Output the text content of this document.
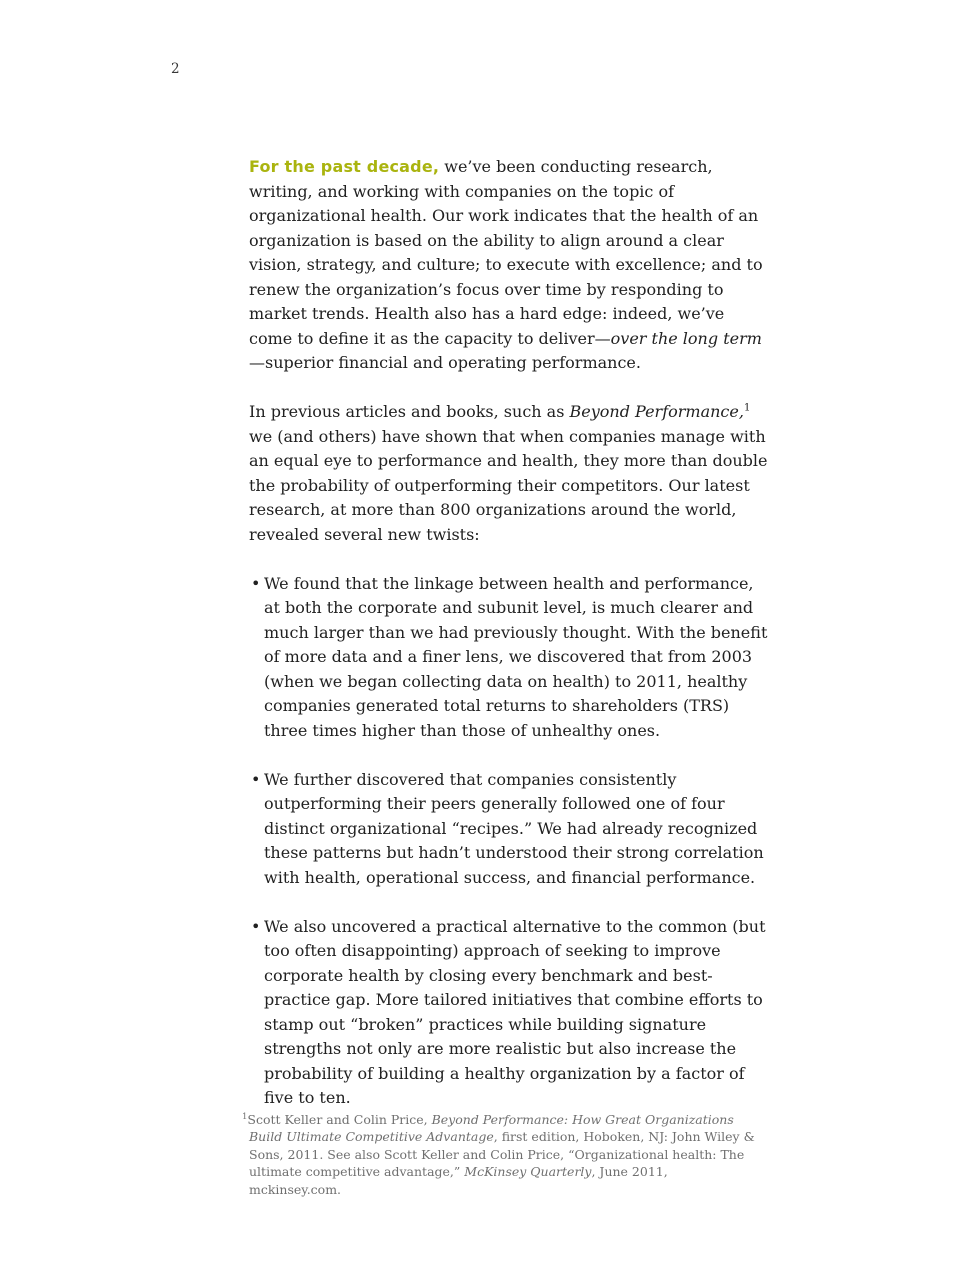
2

For the past decade, we’ve been conducting research, writing, and working with companies on the topic of organizational health. Our work indicates that the health of an organization is based on the ability to align around a clear vision, strategy, and culture; to execute with excellence; and to renew the organization’s focus over time by responding to market trends. Health also has a hard edge: indeed, we’ve come to define it as the capacity to deliver—over the long term—superior financial and operating performance.

In previous articles and books, such as Beyond Performance,$^1$ we (and others) have shown that when companies manage with an equal eye to performance and health, they more than double the probability of outperforming their competitors. Our latest research, at more than 800 organizations around the world, revealed several new twists:

• We found that the linkage between health and performance, at both the corporate and subunit level, is much clearer and much larger than we had previously thought. With the benefit of more data and a finer lens, we discovered that from 2003 (when we began collecting data on health) to 2011, healthy companies generated total returns to shareholders (TRS) three times higher than those of unhealthy ones.
• We further discovered that companies consistently outperforming their peers generally followed one of four distinct organizational “recipes.” We had already recognized these patterns but hadn’t understood their strong correlation with health, operational success, and financial performance.
• We also uncovered a practical alternative to the common (but too often disappointing) approach of seeking to improve corporate health by closing every benchmark and best-practice gap. More tailored initiatives that combine efforts to stamp out “broken” practices while building signature strengths not only are more realistic but also increase the probability of building a healthy organization by a factor of five to ten.

$^1$Scott Keller and Colin Price, Beyond Performance: How Great Organizations Build Ultimate Competitive Advantage, first edition, Hoboken, NJ: John Wiley & Sons, 2011. See also Scott Keller and Colin Price, “Organizational health: The ultimate competitive advantage,” McKinsey Quarterly, June 2011, mckinsey.com.
